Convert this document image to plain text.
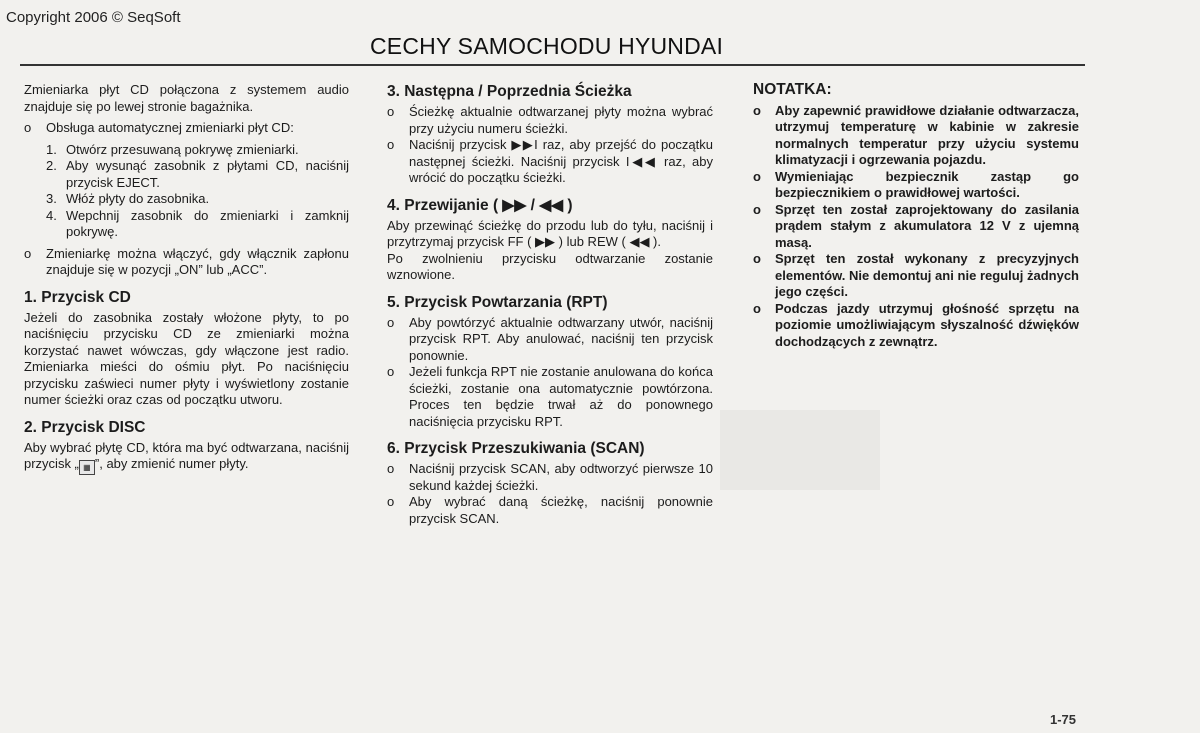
Copyright 2006 © SeqSoft
CECHY SAMOCHODU HYUNDAI

Zmieniarka płyt CD połączona z systemem audio znajduje się po lewej stronie bagażnika.

o	Obsługa automatycznej zmieniarki płyt CD:
1. Otwórz przesuwaną pokrywę zmieniarki.
2. Aby wysunąć zasobnik z płytami CD, naciśnij przycisk EJECT.
3. Włóż płyty do zasobnika.
4. Wepchnij zasobnik do zmieniarki i zamknij pokrywę.
o	Zmieniarkę można włączyć, gdy włącznik zapłonu znajduje się w pozycji „ON” lub „ACC”.
1. Przycisk CD

Jeżeli do zasobnika zostały włożone płyty, to po naciśnięciu przycisku CD ze zmieniarki można korzystać nawet wówczas, gdy włączone jest radio. Zmieniarka mieści do ośmiu płyt. Po naciśnięciu przycisku zaświeci numer płyty i wyświetlony zostanie numer ścieżki oraz czas od początku utworu.

2. Przycisk DISC

Aby wybrać płytę CD, która ma być odtwarzana, naciśnij przycisk „ ▦ ”, aby zmienić numer płyty.

3. Następna / Poprzednia Ścieżka
o	Ścieżkę aktualnie odtwarzanej płyty można wybrać przy użyciu numeru ścieżki.
o	Naciśnij przycisk ▶▶I raz, aby przejść do początku następnej ścieżki. Naciśnij przycisk I◀◀ raz, aby wrócić do początku ścieżki.
4. Przewijanie ( ▶▶ / ◀◀ )

Aby przewinąć ścieżkę do przodu lub do tyłu, naciśnij i przytrzymaj przycisk FF ( ▶▶ ) lub REW ( ◀◀ ).

Po zwolnieniu przycisku odtwarzanie zostanie wznowione.

5. Przycisk Powtarzania (RPT)
o	Aby powtórzyć aktualnie odtwarzany utwór, naciśnij przycisk RPT. Aby anulować, naciśnij ten przycisk ponownie.
o	Jeżeli funkcja RPT nie zostanie anulowana do końca ścieżki, zostanie ona automatycznie powtórzona. Proces ten będzie trwał aż do ponownego naciśnięcia przycisku RPT.
6. Przycisk Przeszukiwania (SCAN)
o	Naciśnij przycisk SCAN, aby odtworzyć pierwsze 10 sekund każdej ścieżki.
o	Aby wybrać daną ścieżkę, naciśnij ponownie przycisk SCAN.
NOTATKA:
o	Aby zapewnić prawidłowe działanie odtwarzacza, utrzymuj temperaturę w kabinie w zakresie normalnych temperatur przy użyciu systemu klimatyzacji i ogrzewania pojazdu.
o	Wymieniając bezpiecznik zastąp go bezpiecznikiem o prawidłowej wartości.
o	Sprzęt ten został zaprojektowany do zasilania prądem stałym z akumulatora 12 V z ujemną masą.
o	Sprzęt ten został wykonany z precyzyjnych elementów. Nie demontuj ani nie reguluj żadnych jego części.
o	Podczas jazdy utrzymuj głośność sprzętu na poziomie umożliwiającym słyszalność dźwięków dochodzących z zewnątrz.
1-75
